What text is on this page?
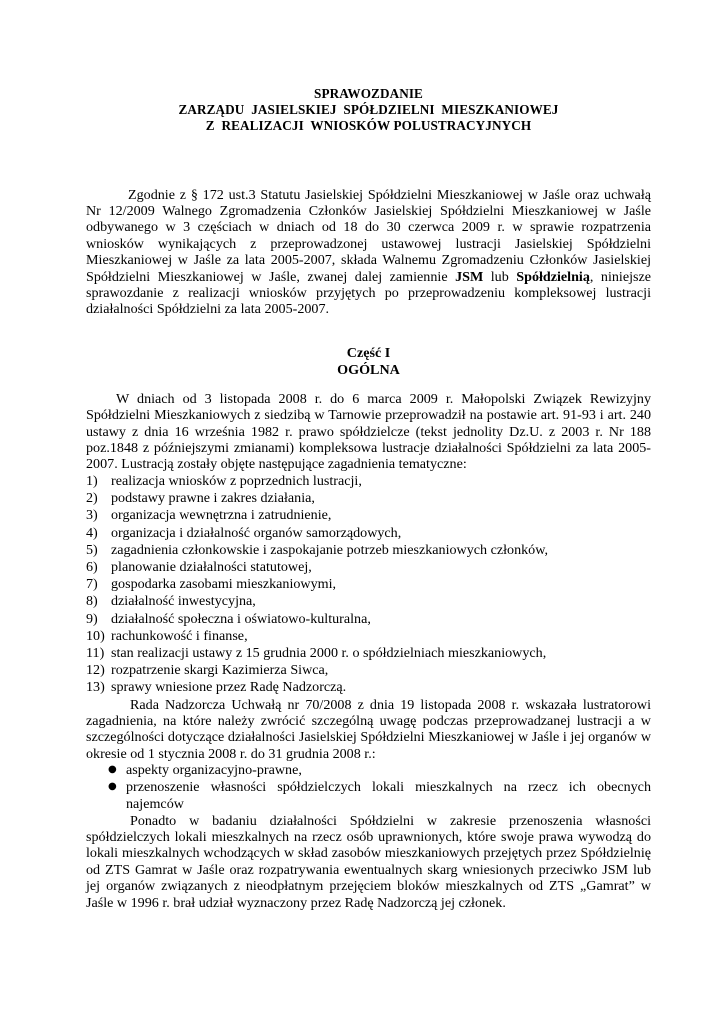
SPRAWOZDANIE
ZARZĄDU  JASIELSKIEJ  SPÓŁDZIELNI  MIESZKANIOWEJ
Z  REALIZACJI  WNIOSKÓW POLUSTRACYJNYCH

Zgodnie z § 172 ust.3 Statutu Jasielskiej Spółdzielni Mieszkaniowej w Jaśle oraz uchwałą Nr 12/2009 Walnego Zgromadzenia Członków Jasielskiej Spółdzielni Mieszkaniowej w Jaśle odbywanego w 3 częściach w dniach od 18 do 30 czerwca 2009 r. w sprawie rozpatrzenia wniosków wynikających z przeprowadzonej ustawowej lustracji Jasielskiej Spółdzielni Mieszkaniowej w Jaśle za lata 2005-2007, składa Walnemu Zgromadzeniu Członków Jasielskiej Spółdzielni Mieszkaniowej w Jaśle, zwanej dalej zamiennie JSM lub Spółdzielnią, niniejsze sprawozdanie z realizacji wniosków przyjętych po przeprowadzeniu kompleksowej lustracji działalności Spółdzielni za lata 2005-2007.

Część I
OGÓLNA

W dniach od 3 listopada 2008 r. do 6 marca 2009 r. Małopolski Związek Rewizyjny Spółdzielni Mieszkaniowych z siedzibą w Tarnowie przeprowadził na postawie art. 91-93 i art. 240 ustawy z dnia 16 września 1982 r. prawo spółdzielcze (tekst jednolity Dz.U. z 2003 r. Nr 188 poz.1848 z późniejszymi zmianami) kompleksowa lustracje działalności Spółdzielni za lata 2005-2007. Lustracją zostały objęte następujące zagadnienia tematyczne:

1) realizacja wniosków z poprzednich lustracji,
2) podstawy prawne i zakres działania,
3) organizacja wewnętrzna i zatrudnienie,
4) organizacja i działalność organów samorządowych,
5) zagadnienia członkowskie i zaspokajanie potrzeb mieszkaniowych członków,
6) planowanie działalności statutowej,
7) gospodarka zasobami mieszkaniowymi,
8) działalność inwestycyjna,
9) działalność społeczna i oświatowo-kulturalna,
10) rachunkowość i finanse,
11) stan realizacji ustawy z 15 grudnia 2000 r. o spółdzielniach mieszkaniowych,
12) rozpatrzenie skargi Kazimierza Siwca,
13) sprawy wniesione przez Radę Nadzorczą.

Rada Nadzorcza Uchwałą nr 70/2008 z dnia 19 listopada 2008 r. wskazała lustratorowi zagadnienia, na które należy zwrócić szczególną uwagę podczas przeprowadzanej lustracji a w szczególności dotyczące działalności Jasielskiej Spółdzielni Mieszkaniowej w Jaśle i jej organów w okresie od 1 stycznia 2008 r. do 31 grudnia 2008 r.:

● aspekty organizacyjno-prawne,
● przenoszenie własności spółdzielczych lokali mieszkalnych na rzecz ich obecnych najemców

Ponadto w badaniu działalności Spółdzielni w zakresie przenoszenia własności spółdzielczych lokali mieszkalnych na rzecz osób uprawnionych, które swoje prawa wywodzą do lokali mieszkalnych wchodzących w skład zasobów mieszkaniowych przejętych przez Spółdzielnię od ZTS Gamrat w Jaśle oraz rozpatrywania ewentualnych skarg wniesionych przeciwko JSM lub jej organów związanych z nieodpłatnym przejęciem bloków mieszkalnych od ZTS „Gamrat” w Jaśle w 1996 r. brał udział wyznaczony przez Radę Nadzorczą jej członek.
